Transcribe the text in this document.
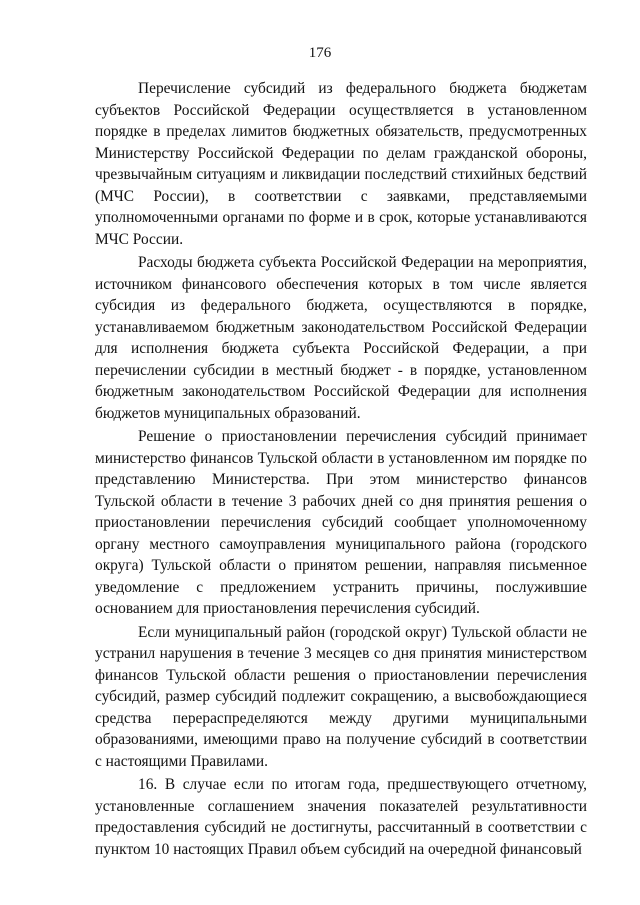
176

Перечисление субсидий из федерального бюджета бюджетам субъектов Российской Федерации осуществляется в установленном порядке в пределах лимитов бюджетных обязательств, предусмотренных Министерству Российской Федерации по делам гражданской обороны, чрезвычайным ситуациям и ликвидации последствий стихийных бедствий (МЧС России), в соответствии с заявками, представляемыми уполномоченными органами по форме и в срок, которые устанавливаются МЧС России.

Расходы бюджета субъекта Российской Федерации на мероприятия, источником финансового обеспечения которых в том числе является субсидия из федерального бюджета, осуществляются в порядке, устанавливаемом бюджетным законодательством Российской Федерации для исполнения бюджета субъекта Российской Федерации, а при перечислении субсидии в местный бюджет - в порядке, установленном бюджетным законодательством Российской Федерации для исполнения бюджетов муниципальных образований.

Решение о приостановлении перечисления субсидий принимает министерство финансов Тульской области в установленном им порядке по представлению Министерства. При этом министерство финансов Тульской области в течение 3 рабочих дней со дня принятия решения о приостановлении перечисления субсидий сообщает уполномоченному органу местного самоуправления муниципального района (городского округа) Тульской области о принятом решении, направляя письменное уведомление с предложением устранить причины, послужившие основанием для приостановления перечисления субсидий.

Если муниципальный район (городской округ) Тульской области не устранил нарушения в течение 3 месяцев со дня принятия министерством финансов Тульской области решения о приостановлении перечисления субсидий, размер субсидий подлежит сокращению, а высвобождающиеся средства перераспределяются между другими муниципальными образованиями, имеющими право на получение субсидий в соответствии с настоящими Правилами.

16. В случае если по итогам года, предшествующего отчетному, установленные соглашением значения показателей результативности предоставления субсидий не достигнуты, рассчитанный в соответствии с пунктом 10 настоящих Правил объем субсидий на очередной финансовый
